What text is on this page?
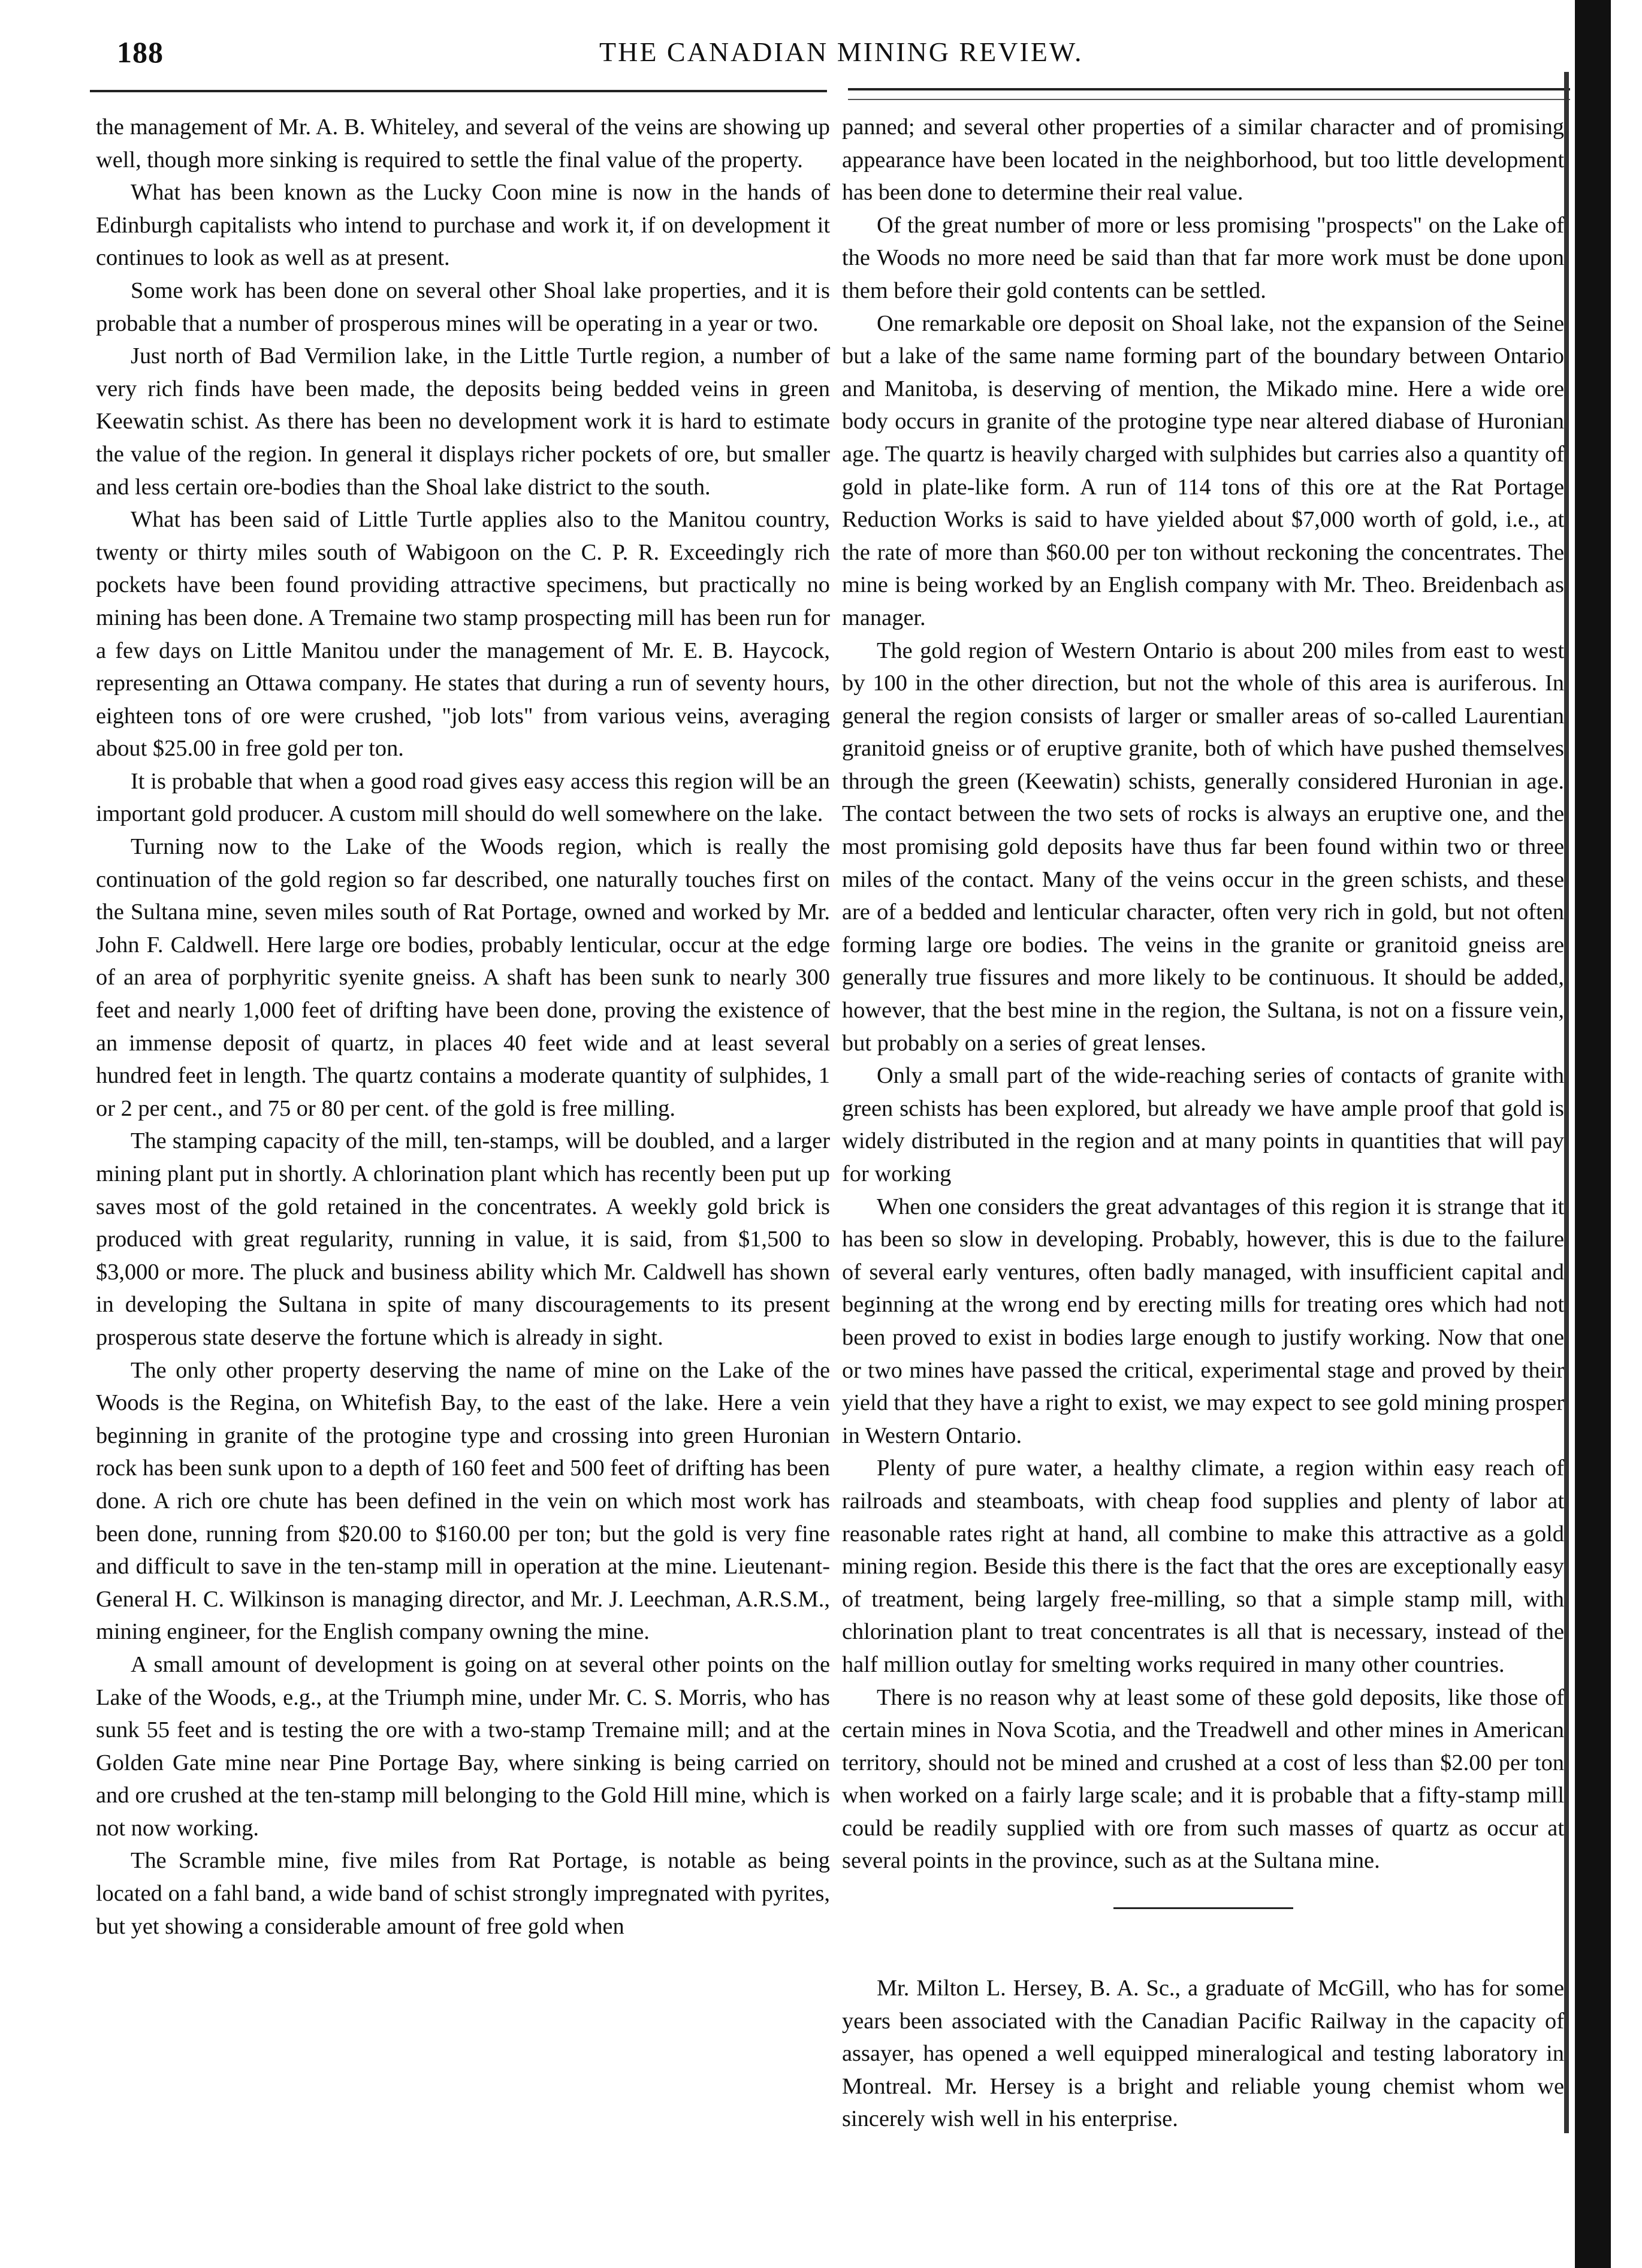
188	THE CANADIAN MINING REVIEW.

the management of Mr. A. B. Whiteley, and several of the veins are showing up well, though more sinking is required to settle the final value of the property.

What has been known as the Lucky Coon mine is now in the hands of Edinburgh capitalists who intend to purchase and work it, if on development it continues to look as well as at present.

Some work has been done on several other Shoal lake properties, and it is probable that a number of prosperous mines will be operating in a year or two.

Just north of Bad Vermilion lake, in the Little Turtle region, a number of very rich finds have been made, the deposits being bedded veins in green Keewatin schist. As there has been no development work it is hard to estimate the value of the region. In general it displays richer pockets of ore, but smaller and less certain ore-bodies than the Shoal lake district to the south.

What has been said of Little Turtle applies also to the Manitou country, twenty or thirty miles south of Wabigoon on the C. P. R. Exceedingly rich pockets have been found providing attractive specimens, but practically no mining has been done. A Tremaine two stamp prospecting mill has been run for a few days on Little Manitou under the management of Mr. E. B. Haycock, representing an Ottawa company. He states that during a run of seventy hours, eighteen tons of ore were crushed, "job lots" from various veins, averaging about $25.00 in free gold per ton.

It is probable that when a good road gives easy access this region will be an important gold producer. A custom mill should do well somewhere on the lake.

Turning now to the Lake of the Woods region, which is really the continuation of the gold region so far described, one naturally touches first on the Sultana mine, seven miles south of Rat Portage, owned and worked by Mr. John F. Caldwell. Here large ore bodies, probably lenticular, occur at the edge of an area of porphyritic syenite gneiss. A shaft has been sunk to nearly 300 feet and nearly 1,000 feet of drifting have been done, proving the existence of an immense deposit of quartz, in places 40 feet wide and at least several hundred feet in length. The quartz contains a moderate quantity of sulphides, 1 or 2 per cent., and 75 or 80 per cent. of the gold is free milling.

The stamping capacity of the mill, ten-stamps, will be doubled, and a larger mining plant put in shortly. A chlorination plant which has recently been put up saves most of the gold retained in the concentrates. A weekly gold brick is produced with great regularity, running in value, it is said, from $1,500 to $3,000 or more. The pluck and business ability which Mr. Caldwell has shown in developing the Sultana in spite of many discouragements to its present prosperous state deserve the fortune which is already in sight.

The only other property deserving the name of mine on the Lake of the Woods is the Regina, on Whitefish Bay, to the east of the lake. Here a vein beginning in granite of the protogine type and crossing into green Huronian rock has been sunk upon to a depth of 160 feet and 500 feet of drifting has been done. A rich ore chute has been defined in the vein on which most work has been done, running from $20.00 to $160.00 per ton; but the gold is very fine and difficult to save in the ten-stamp mill in operation at the mine. Lieutenant-General H. C. Wilkinson is managing director, and Mr. J. Leechman, A.R.S.M., mining engineer, for the English company owning the mine.

A small amount of development is going on at several other points on the Lake of the Woods, e.g., at the Triumph mine, under Mr. C. S. Morris, who has sunk 55 feet and is testing the ore with a two-stamp Tremaine mill; and at the Golden Gate mine near Pine Portage Bay, where sinking is being carried on and ore crushed at the ten-stamp mill belonging to the Gold Hill mine, which is not now working.

The Scramble mine, five miles from Rat Portage, is notable as being located on a fahl band, a wide band of schist strongly impregnated with pyrites, but yet showing a considerable amount of free gold when

panned; and several other properties of a similar character and of promising appearance have been located in the neighborhood, but too little development has been done to determine their real value.

Of the great number of more or less promising "prospects" on the Lake of the Woods no more need be said than that far more work must be done upon them before their gold contents can be settled.

One remarkable ore deposit on Shoal lake, not the expansion of the Seine but a lake of the same name forming part of the boundary between Ontario and Manitoba, is deserving of mention, the Mikado mine. Here a wide ore body occurs in granite of the protogine type near altered diabase of Huronian age. The quartz is heavily charged with sulphides but carries also a quantity of gold in plate-like form. A run of 114 tons of this ore at the Rat Portage Reduction Works is said to have yielded about $7,000 worth of gold, i.e., at the rate of more than $60.00 per ton without reckoning the concentrates. The mine is being worked by an English company with Mr. Theo. Breidenbach as manager.

The gold region of Western Ontario is about 200 miles from east to west by 100 in the other direction, but not the whole of this area is auriferous. In general the region consists of larger or smaller areas of so-called Laurentian granitoid gneiss or of eruptive granite, both of which have pushed themselves through the green (Keewatin) schists, generally considered Huronian in age. The contact between the two sets of rocks is always an eruptive one, and the most promising gold deposits have thus far been found within two or three miles of the contact. Many of the veins occur in the green schists, and these are of a bedded and lenticular character, often very rich in gold, but not often forming large ore bodies. The veins in the granite or granitoid gneiss are generally true fissures and more likely to be continuous. It should be added, however, that the best mine in the region, the Sultana, is not on a fissure vein, but probably on a series of great lenses.

Only a small part of the wide-reaching series of contacts of granite with green schists has been explored, but already we have ample proof that gold is widely distributed in the region and at many points in quantities that will pay for working

When one considers the great advantages of this region it is strange that it has been so slow in developing. Probably, however, this is due to the failure of several early ventures, often badly managed, with insufficient capital and beginning at the wrong end by erecting mills for treating ores which had not been proved to exist in bodies large enough to justify working. Now that one or two mines have passed the critical, experimental stage and proved by their yield that they have a right to exist, we may expect to see gold mining prosper in Western Ontario.

Plenty of pure water, a healthy climate, a region within easy reach of railroads and steamboats, with cheap food supplies and plenty of labor at reasonable rates right at hand, all combine to make this attractive as a gold mining region. Beside this there is the fact that the ores are exceptionally easy of treatment, being largely free-milling, so that a simple stamp mill, with chlorination plant to treat concentrates is all that is necessary, instead of the half million outlay for smelting works required in many other countries.

There is no reason why at least some of these gold deposits, like those of certain mines in Nova Scotia, and the Treadwell and other mines in American territory, should not be mined and crushed at a cost of less than $2.00 per ton when worked on a fairly large scale; and it is probable that a fifty-stamp mill could be readily supplied with ore from such masses of quartz as occur at several points in the province, such as at the Sultana mine.

Mr. Milton L. Hersey, B. A. Sc., a graduate of McGill, who has for some years been associated with the Canadian Pacific Railway in the capacity of assayer, has opened a well equipped mineralogical and testing laboratory in Montreal. Mr. Hersey is a bright and reliable young chemist whom we sincerely wish well in his enterprise.
